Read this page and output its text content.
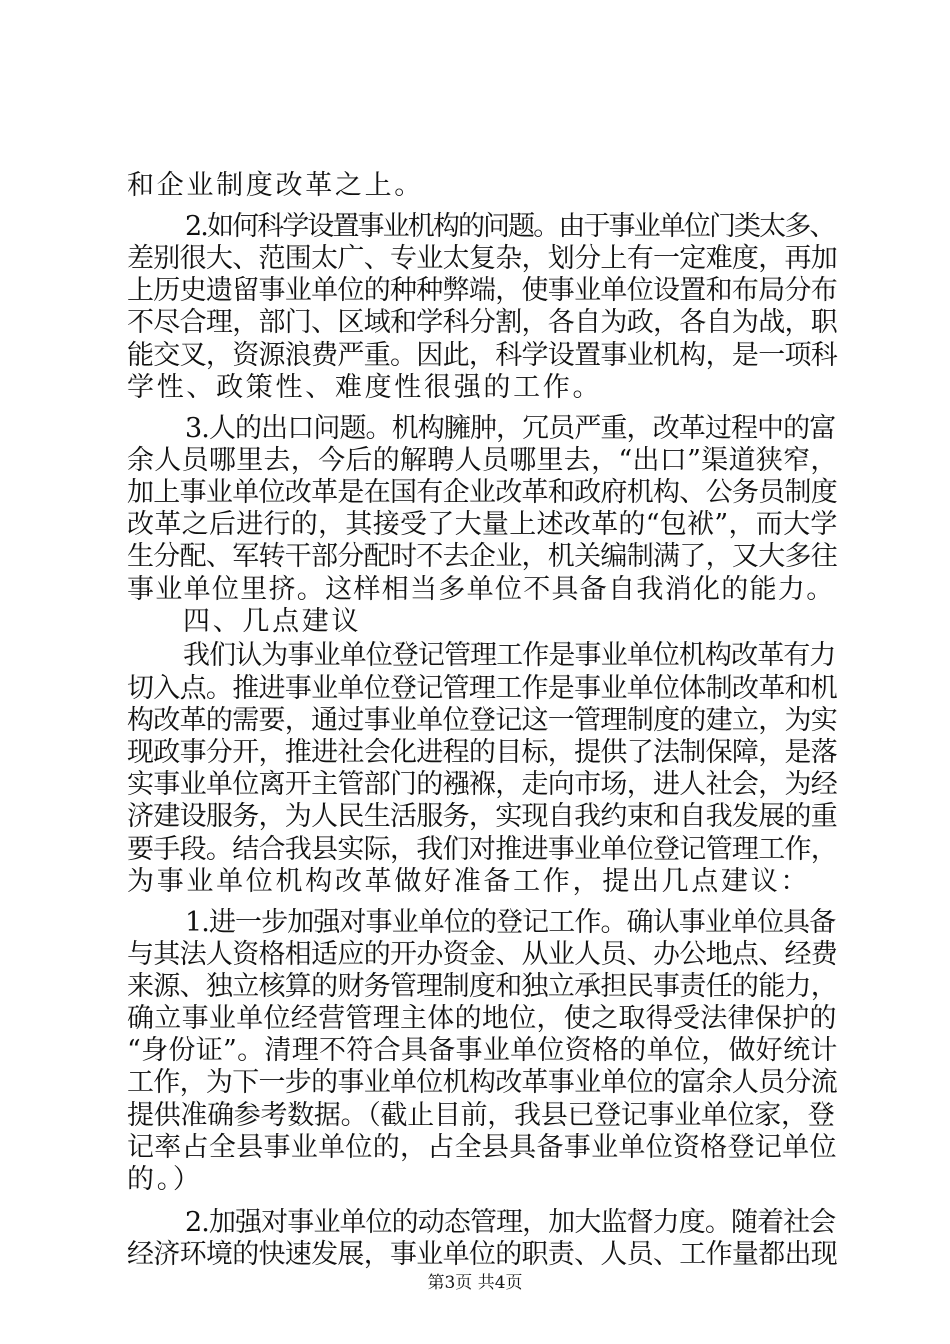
和企业制度改革之上。
2.如何科学设置事业机构的问题。由于事业单位门类太多、
差别很大、范围太广、专业太复杂，划分上有一定难度，再加
上历史遗留事业单位的种种弊端，使事业单位设置和布局分布
不尽合理，部门、区域和学科分割，各自为政，各自为战，职
能交叉，资源浪费严重。因此，科学设置事业机构，是一项科
学性、政策性、难度性很强的工作。
3.人的出口问题。机构臃肿，冗员严重，改革过程中的富
余人员哪里去，今后的解聘人员哪里去，“出口”渠道狭窄，
加上事业单位改革是在国有企业改革和政府机构、公务员制度
改革之后进行的，其接受了大量上述改革的“包袱”，而大学
生分配、军转干部分配时不去企业，机关编制满了，又大多往
事业单位里挤。这样相当多单位不具备自我消化的能力。
四、几点建议
我们认为事业单位登记管理工作是事业单位机构改革有力
切入点。推进事业单位登记管理工作是事业单位体制改革和机
构改革的需要，通过事业单位登记这一管理制度的建立，为实
现政事分开，推进社会化进程的目标，提供了法制保障，是落
实事业单位离开主管部门的襁褓，走向市场，进人社会，为经
济建设服务，为人民生活服务，实现自我约束和自我发展的重
要手段。结合我县实际，我们对推进事业单位登记管理工作，
为事业单位机构改革做好准备工作，提出几点建议：
1.进一步加强对事业单位的登记工作。确认事业单位具备
与其法人资格相适应的开办资金、从业人员、办公地点、经费
来源、独立核算的财务管理制度和独立承担民事责任的能力，
确立事业单位经营管理主体的地位，使之取得受法律保护的
“身份证”。清理不符合具备事业单位资格的单位，做好统计
工作，为下一步的事业单位机构改革事业单位的富余人员分流
提供准确参考数据。（截止目前，我县已登记事业单位家，登
记率占全县事业单位的，占全县具备事业单位资格登记单位
的。）
2.加强对事业单位的动态管理，加大监督力度。随着社会
经济环境的快速发展，事业单位的职责、人员、工作量都出现
第3页 共4页
